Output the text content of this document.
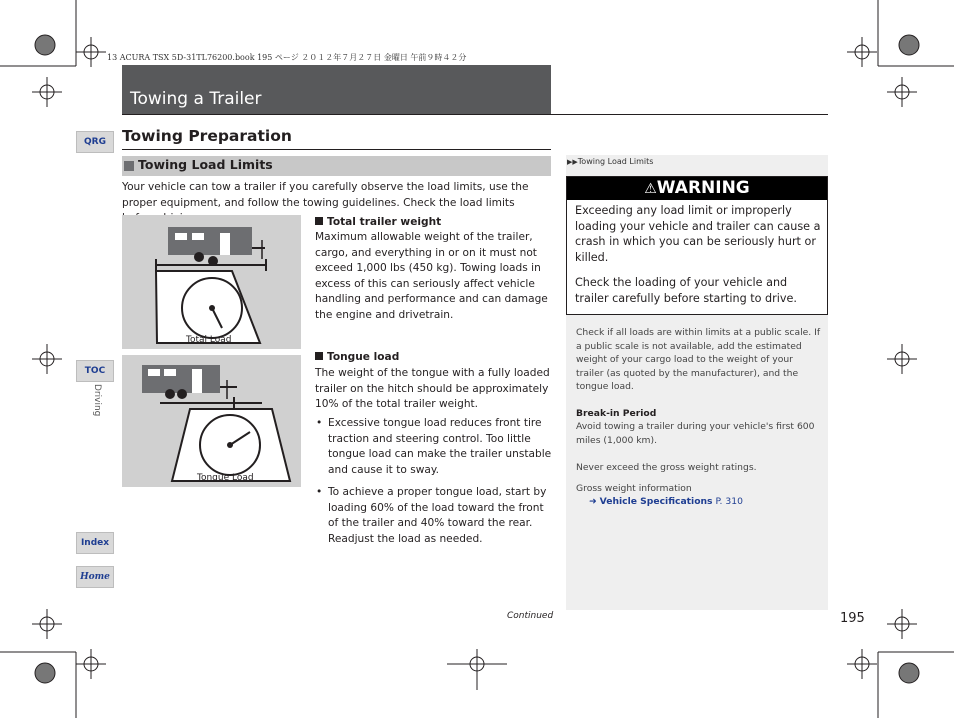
13 ACURA TSX 5D-31TL76200.book 195 ページ ２０１２年７月２７日 金曜日 午前９時４２分
Towing a Trailer
QRG
TOC
Driving
Index
Home
Towing Preparation
Towing Load Limits
Your vehicle can tow a trailer if you carefully observe the load limits, use the proper equipment, and follow the towing guidelines. Check the load limits
Total Load
Tongue Load
Total trailer weight
Maximum allowable weight of the trailer, cargo, and everything in or on it must not exceed 1,000 lbs (450 kg). Towing loads in excess of this can seriously affect vehicle handling and performance and can damage the engine and drivetrain.
Tongue load
The weight of the tongue with a fully loaded trailer on the hitch should be approximately 10% of the total trailer weight.
• Excessive tongue load reduces front tire traction and steering control. Too little tongue load can make the trailer unstable and cause it to sway.
• To achieve a proper tongue load, start by loading 60% of the load toward the front of the trailer and 40% toward the rear. Readjust the load as needed.
▶▶Towing Load Limits
⚠WARNING
Exceeding any load limit or improperly loading your vehicle and trailer can cause a crash in which you can be seriously hurt or killed.
Check the loading of your vehicle and trailer carefully before starting to drive.
Check if all loads are within limits at a public scale. If a public scale is not available, add the estimated weight of your cargo load to the weight of your trailer (as quoted by the manufacturer), and the tongue load.
Break-in Period
Avoid towing a trailer during your vehicle's first 600 miles (1,000 km).
Never exceed the gross weight ratings.
Gross weight information
➜ Vehicle Specifications P. 310
Continued	195
